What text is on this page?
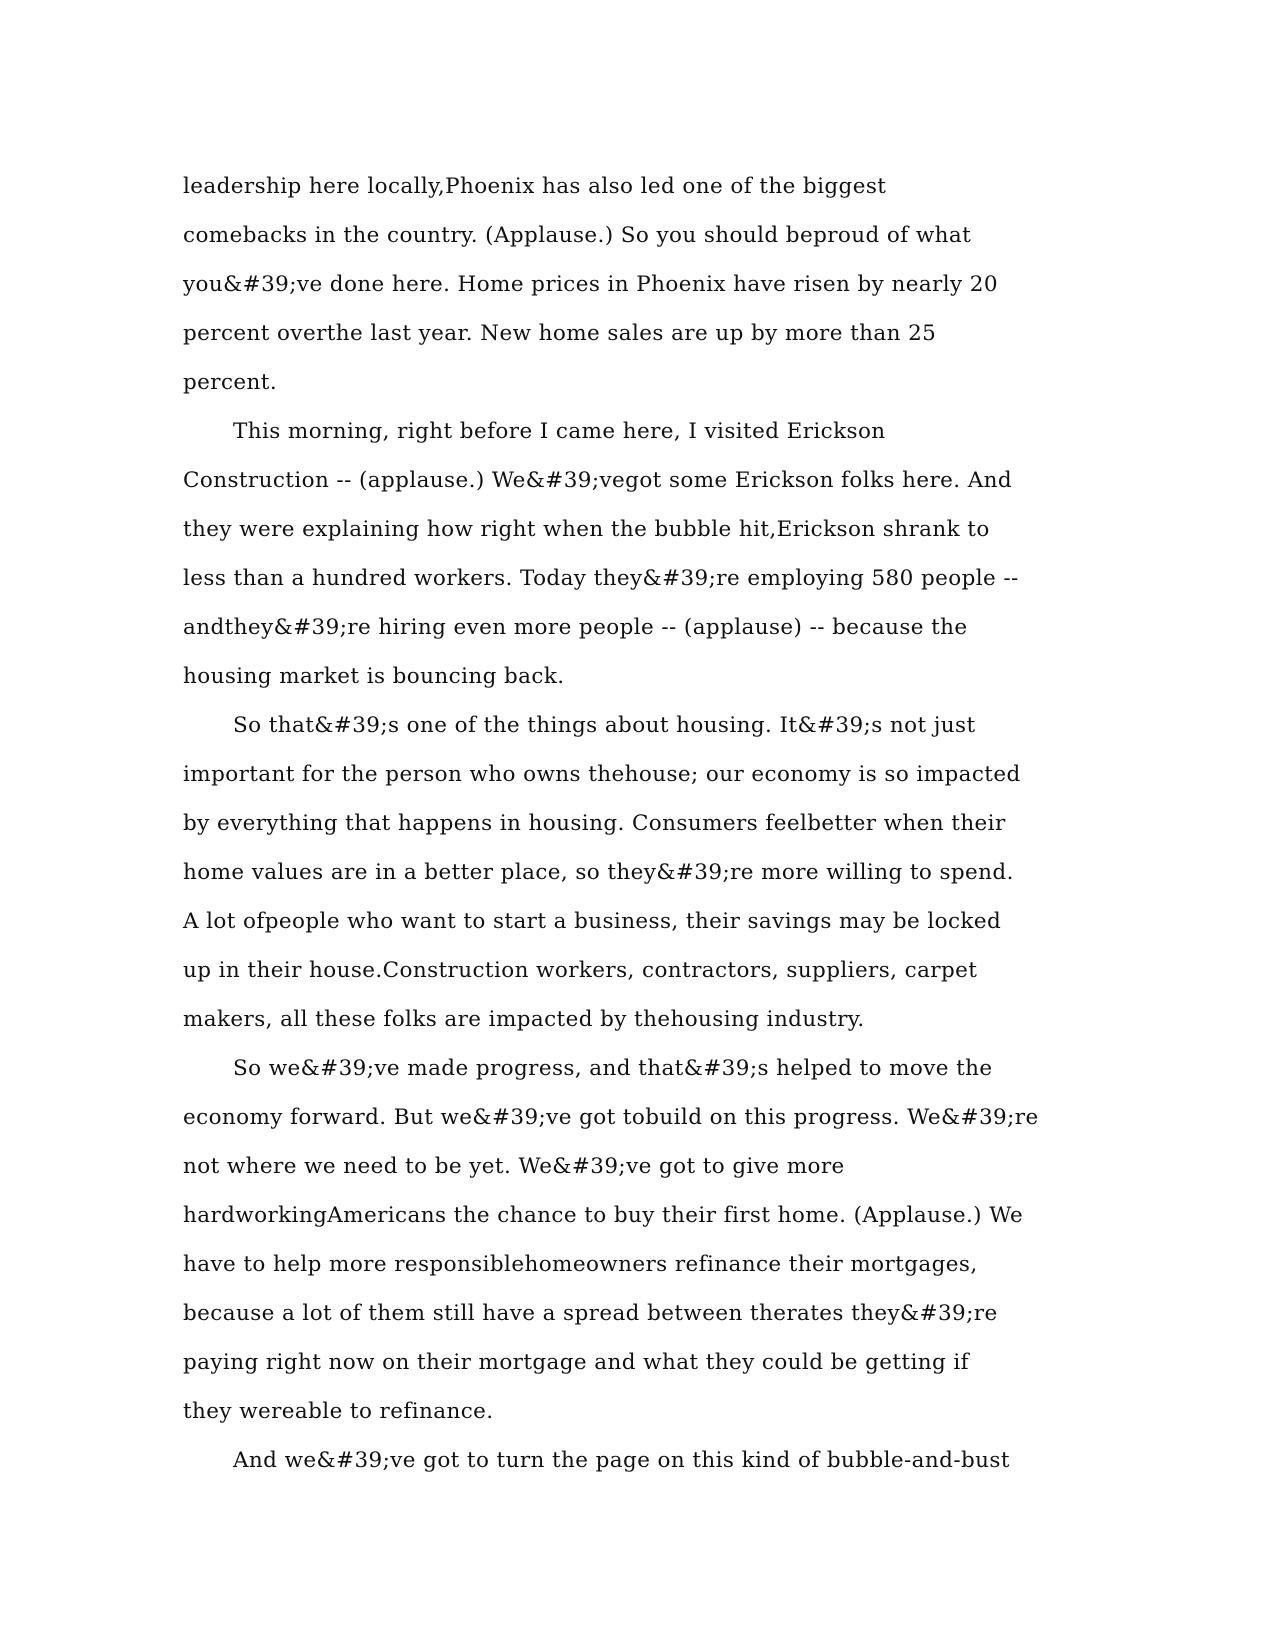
leadership here locally,Phoenix has also led one of the biggest
comebacks in the country. (Applause.) So you should beproud of what
you&#39;ve done here. Home prices in Phoenix have risen by nearly 20
percent overthe last year. New home sales are up by more than 25
percent.
This morning, right before I came here, I visited Erickson
Construction -- (applause.) We&#39;vegot some Erickson folks here. And
they were explaining how right when the bubble hit,Erickson shrank to
less than a hundred workers. Today they&#39;re employing 580 people --
andthey&#39;re hiring even more people -- (applause) -- because the
housing market is bouncing back.
So that&#39;s one of the things about housing. It&#39;s not just
important for the person who owns thehouse; our economy is so impacted
by everything that happens in housing. Consumers feelbetter when their
home values are in a better place, so they&#39;re more willing to spend.
A lot ofpeople who want to start a business, their savings may be locked
up in their house.Construction workers, contractors, suppliers, carpet
makers, all these folks are impacted by thehousing industry.
So we&#39;ve made progress, and that&#39;s helped to move the
economy forward. But we&#39;ve got tobuild on this progress. We&#39;re
not where we need to be yet. We&#39;ve got to give more
hardworkingAmericans the chance to buy their first home. (Applause.) We
have to help more responsiblehomeowners refinance their mortgages,
because a lot of them still have a spread between therates they&#39;re
paying right now on their mortgage and what they could be getting if
they wereable to refinance.
And we&#39;ve got to turn the page on this kind of bubble-and-bust
